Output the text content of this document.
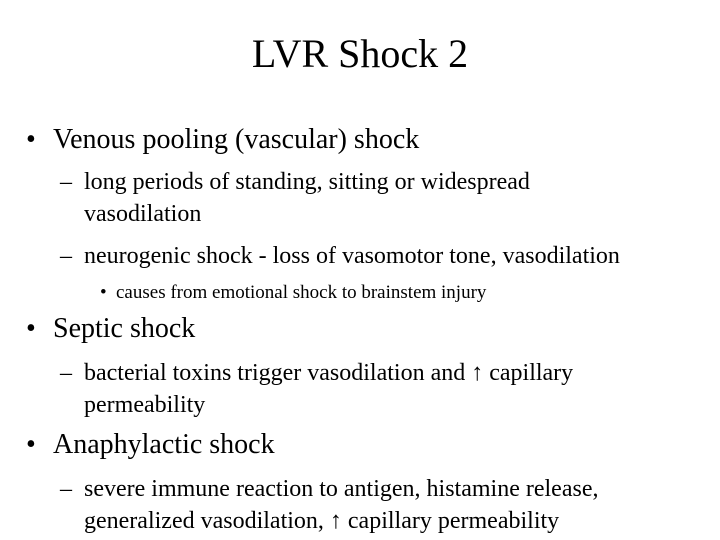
LVR Shock 2
• Venous pooling (vascular) shock
– long periods of standing, sitting or widespread
vasodilation
– neurogenic shock - loss of vasomotor tone, vasodilation
• causes from emotional shock to brainstem injury
• Septic shock
– bacterial toxins trigger vasodilation and ↑ capillary
permeability
• Anaphylactic shock
– severe immune reaction to antigen, histamine release,
generalized vasodilation, ↑ capillary permeability
